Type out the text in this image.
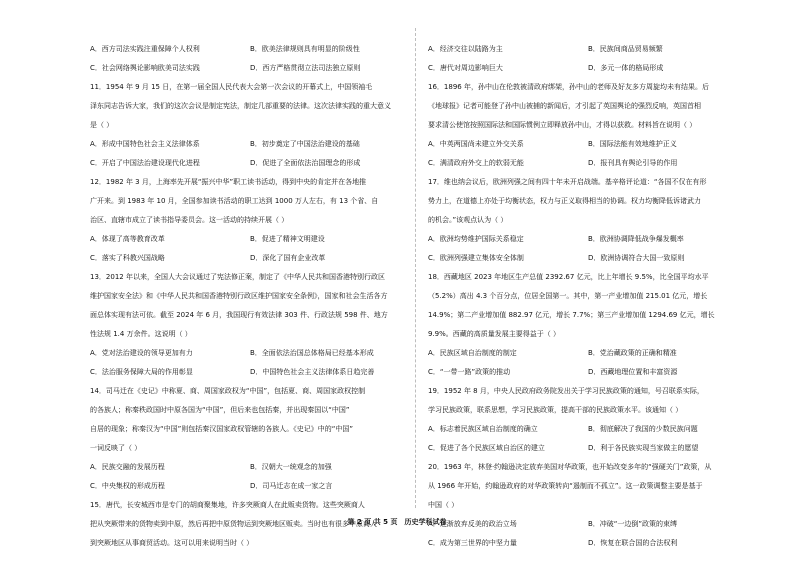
A．西方司法实践注重保障个人权利	B．欧美法律规则具有明显的阶级性
C．社会网络舆论影响欧美司法实践	D．西方严格贯彻立法司法独立原则
11．1954 年 9 月 15 日，在第一届全国人民代表大会第一次会议的开幕式上，中国领袖毛
泽东同志告诉大家，我们的这次会议是制定宪法，制定几部重要的法律。这次法律实践的重大意义
是（ ）
A．形成中国特色社会主义法律体系	B．初步奠定了中国法治建设的基础
C．开启了中国法治建设现代化进程	D．促进了全面依法治国理念的形成
12．1982 年 3 月，上海率先开展“振兴中华”职工读书活动，得到中央的肯定并在各地推
广开来。到 1983 年 10 月，全国参加读书活动的职工达到 1000 万人左右，有 13 个省、自
治区、直辖市成立了读书指导委员会。这一活动的持续开展（ ）
A．体现了高等教育改革	B．促进了精神文明建设
C．落实了科教兴国战略	D．深化了国有企业改革
13．2012 年以来，全国人大会议通过了宪法修正案，制定了《中华人民共和国香港特别行政区
维护国家安全法》和《中华人民共和国香港特别行政区维护国家安全条例》，国家和社会生活各方
面总体实现有法可依。截至 2024 年 6 月，我国现行有效法律 303 件、行政法规 598 件、地方
性法规 1.4 万余件。这说明（ ）
A．党对法治建设的领导更加有力	B．全面依法治国总体格局已经基本形成
C．法治服务保障大局的作用彰显	D．中国特色社会主义法律体系日趋完善
14．司马迁在《史记》中称夏、商、周国家政权为“中国”，包括夏、商、周国家政权控制
的各族人；称秦秩政国时中原各国为“中国”，但后来也包括秦，并出现秦国以“中国”
自居的现象；称秦汉为“中国”则包括秦汉国家政权管辖的各族人。《史记》中的“中国”
一词反映了（ ）
A．民族交融的发展历程	B．汉朝大一统观念的加强
C．中央集权的形成历程	D．司马迁志在成一家之言
15．唐代，长安城西市是专门的胡商聚集地，许多突厥商人在此贩卖货物。这些突厥商人
把从突厥带来的货物卖到中原，然后再把中原货物运到突厥地区贩卖。当时也有很多中原商人
到突厥地区从事商贸活动。这可以用来说明当时（ ）
A．经济交往以陆路为主	B．民族间商品贸易频繁
C．唐代对周边影响巨大	D．多元一体的格局形成
16．1896 年，孙中山在伦敦被清政府绑架，孙中山的老师及好友多方周旋均未有结果。后
《地球报》记者可能登了孙中山被捕的新闻后，才引起了英国舆论的强烈反响，英国首相
要求清公使馆按照国际法和国际惯例立即释放孙中山，才得以获救。材料旨在说明（ ）
A．中英两国尚未建立外交关系	B．国际法能有效地维护正义
C．满清政府外交上的软弱无能	D．报刊具有舆论引导的作用
17．维也纳会议后，欧洲列强之间有四十年未开启战端。基辛格评论道：“各国不仅在有形
势力上，在道德上亦处于均衡状态，权力与正义取得相当的协调。权力均衡降低诉诸武力
的机会。”该观点认为（ ）
A．欧洲均势维护国际关系稳定	B．欧洲协调降低战争爆发概率
C．欧洲列强建立集体安全体制	D．欧洲协调符合大国一致原则
18．西藏地区 2023 年地区生产总值 2392.67 亿元，比上年增长 9.5%，比全国平均水平
（5.2%）高出 4.3 个百分点，位居全国第一。其中，第一产业增加值 215.01 亿元，增长
14.9%；第二产业增加值 882.97 亿元，增长 7.7%；第三产业增加值 1294.69 亿元，增长
9.9%。西藏的高质量发展主要得益于（ ）
A．民族区域自治制度的制定	B．党治藏政策的正确和精准
C．“一带一路”政策的推动	D．西藏地理位置和丰富资源
19．1952 年 8 月，中央人民政府政务院发出关于学习民族政策的通知，号召联系实际，
学习民族政策，联系思想，学习民族政策，提高干部的民族政策水平。该通知（ ）
A．标志着民族区域自治制度的确立	B．彻底解决了我国的少数民族问题
C．促进了各个民族区域自治区的建立	D．利于各民族实现当家做主的愿望
20．1963 年，林登·约翰逊决定放弃美国对华政策，也开始改变多年的“强硬关门”政策，从
从 1966 年开始，约翰逊政府的对华政策转向“遏制而不孤立”。这一政策调整主要是基于
中国（ ）
A．逐渐放弃反美的政治立场	B．冲破“一边倒”政策的束缚
C．成为第三世界的中坚力量	D．恢复在联合国的合法权利
第 2 页 共 5 页　历史学科试卷
